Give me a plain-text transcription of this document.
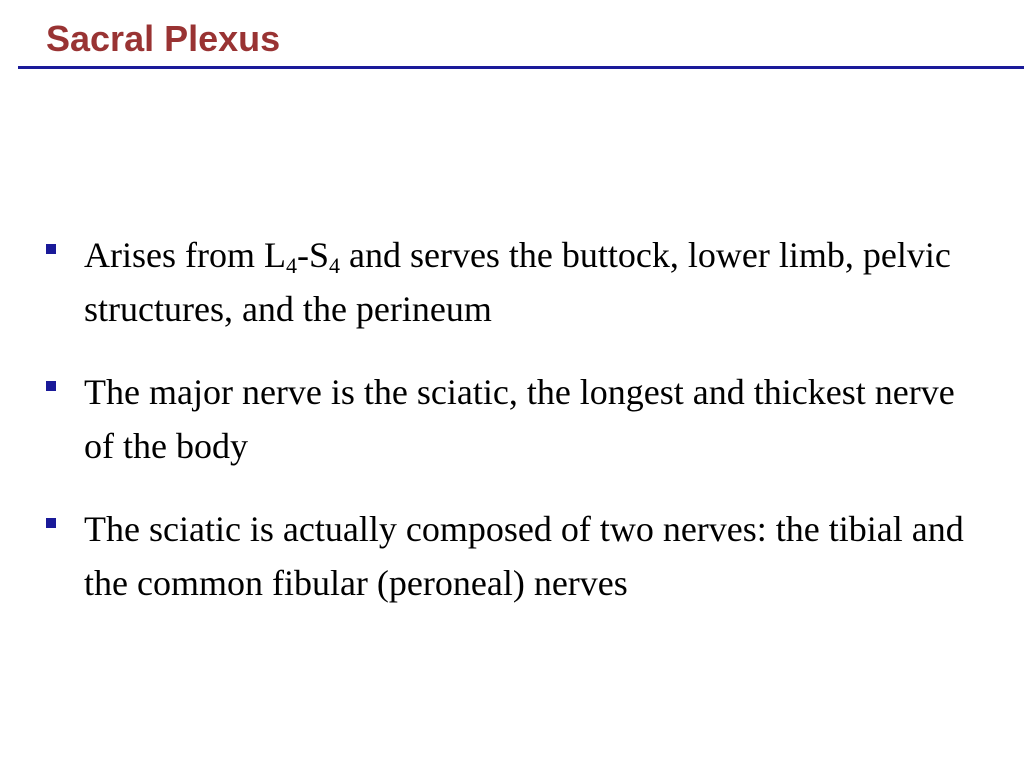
Sacral Plexus
Arises from $L_4-S_4$ and serves the buttock, lower limb, pelvic structures, and the perineum
The major nerve is the sciatic, the longest and thickest nerve of the body
The sciatic is actually composed of two nerves: the tibial and the common fibular (peroneal) nerves
